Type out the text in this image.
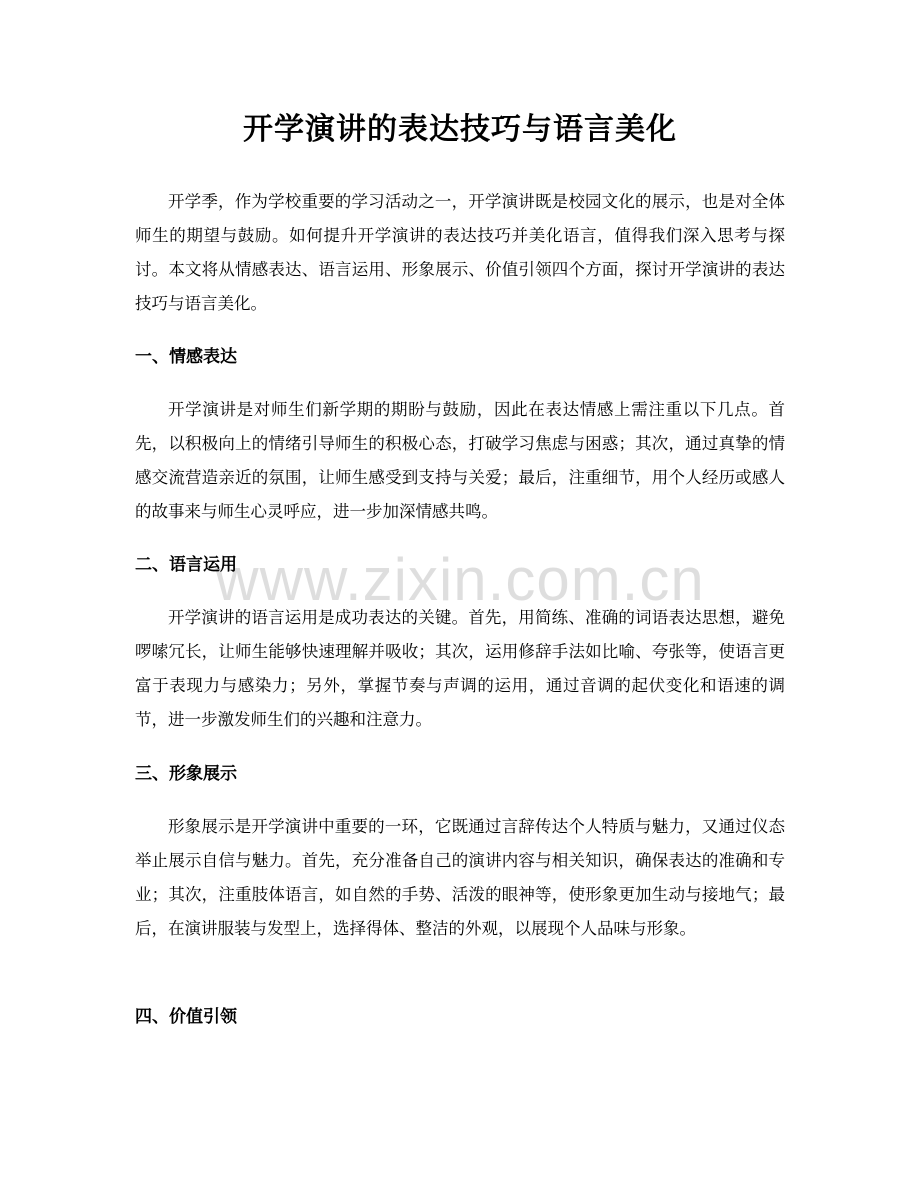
开学演讲的表达技巧与语言美化

开学季，作为学校重要的学习活动之一，开学演讲既是校园文化的展示，也是对全体师生的期望与鼓励。如何提升开学演讲的表达技巧并美化语言，值得我们深入思考与探讨。本文将从情感表达、语言运用、形象展示、价值引领四个方面，探讨开学演讲的表达技巧与语言美化。

一、情感表达

开学演讲是对师生们新学期的期盼与鼓励，因此在表达情感上需注重以下几点。首先，以积极向上的情绪引导师生的积极心态，打破学习焦虑与困惑；其次，通过真挚的情感交流营造亲近的氛围，让师生感受到支持与关爱；最后，注重细节，用个人经历或感人的故事来与师生心灵呼应，进一步加深情感共鸣。

二、语言运用

开学演讲的语言运用是成功表达的关键。首先，用简练、准确的词语表达思想，避免啰嗦冗长，让师生能够快速理解并吸收；其次，运用修辞手法如比喻、夸张等，使语言更富于表现力与感染力；另外，掌握节奏与声调的运用，通过音调的起伏变化和语速的调节，进一步激发师生们的兴趣和注意力。

三、形象展示

形象展示是开学演讲中重要的一环，它既通过言辞传达个人特质与魅力，又通过仪态举止展示自信与魅力。首先，充分准备自己的演讲内容与相关知识，确保表达的准确和专业；其次，注重肢体语言，如自然的手势、活泼的眼神等，使形象更加生动与接地气；最后，在演讲服装与发型上，选择得体、整洁的外观，以展现个人品味与形象。

四、价值引领
www.zixin.com.cn
